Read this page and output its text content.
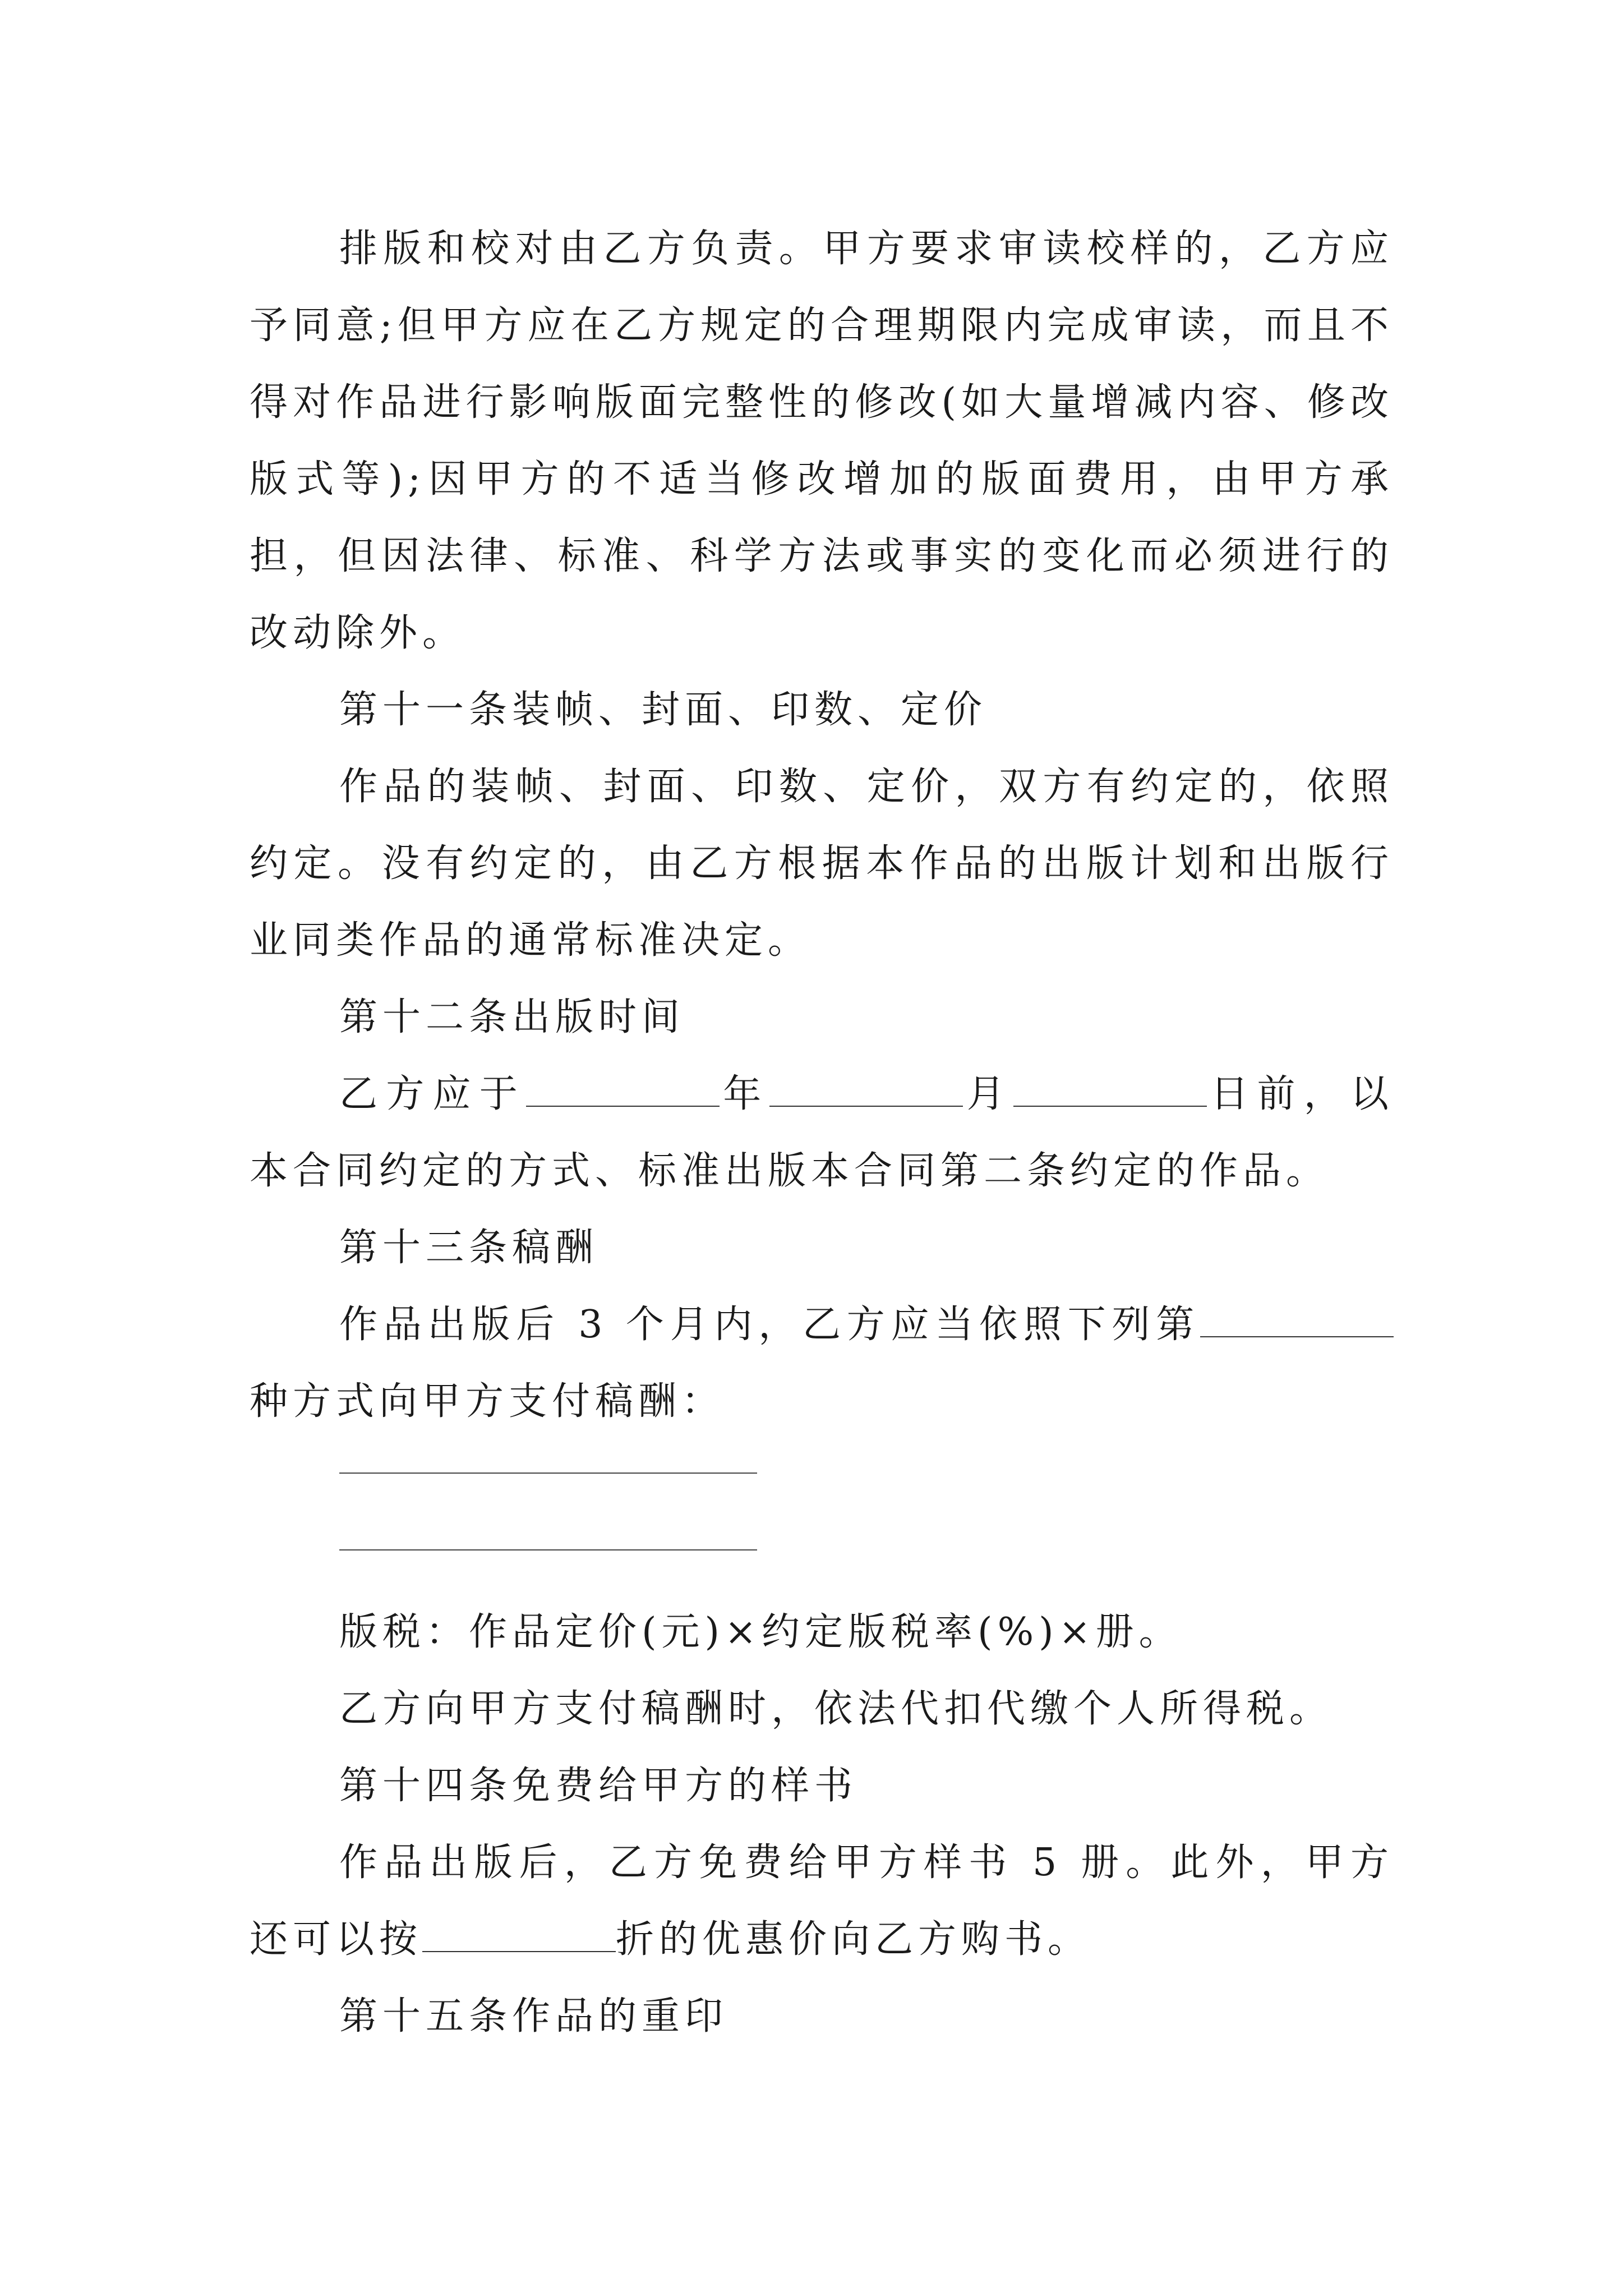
排版和校对由乙方负责。甲方要求审读校样的，乙方应予同意;但甲方应在乙方规定的合理期限内完成审读，而且不得对作品进行影响版面完整性的修改(如大量增减内容、修改版式等);因甲方的不适当修改增加的版面费用，由甲方承担，但因法律、标准、科学方法或事实的变化而必须进行的改动除外。

第十一条装帧、封面、印数、定价

作品的装帧、封面、印数、定价，双方有约定的，依照约定。没有约定的，由乙方根据本作品的出版计划和出版行业同类作品的通常标准决定。

第十二条出版时间

乙方应于	年	月	日前，以本合同约定的方式、标准出版本合同第二条约定的作品。

第十三条稿酬

作品出版后 3 个月内，乙方应当依照下列第种方式向甲方支付稿酬：

版税：作品定价(元)×约定版税率(%)×册。

乙方向甲方支付稿酬时，依法代扣代缴个人所得税。

第十四条免费给甲方的样书

作品出版后，乙方免费给甲方样书 5 册。此外，甲方还可以按	折的优惠价向乙方购书。

第十五条作品的重印
